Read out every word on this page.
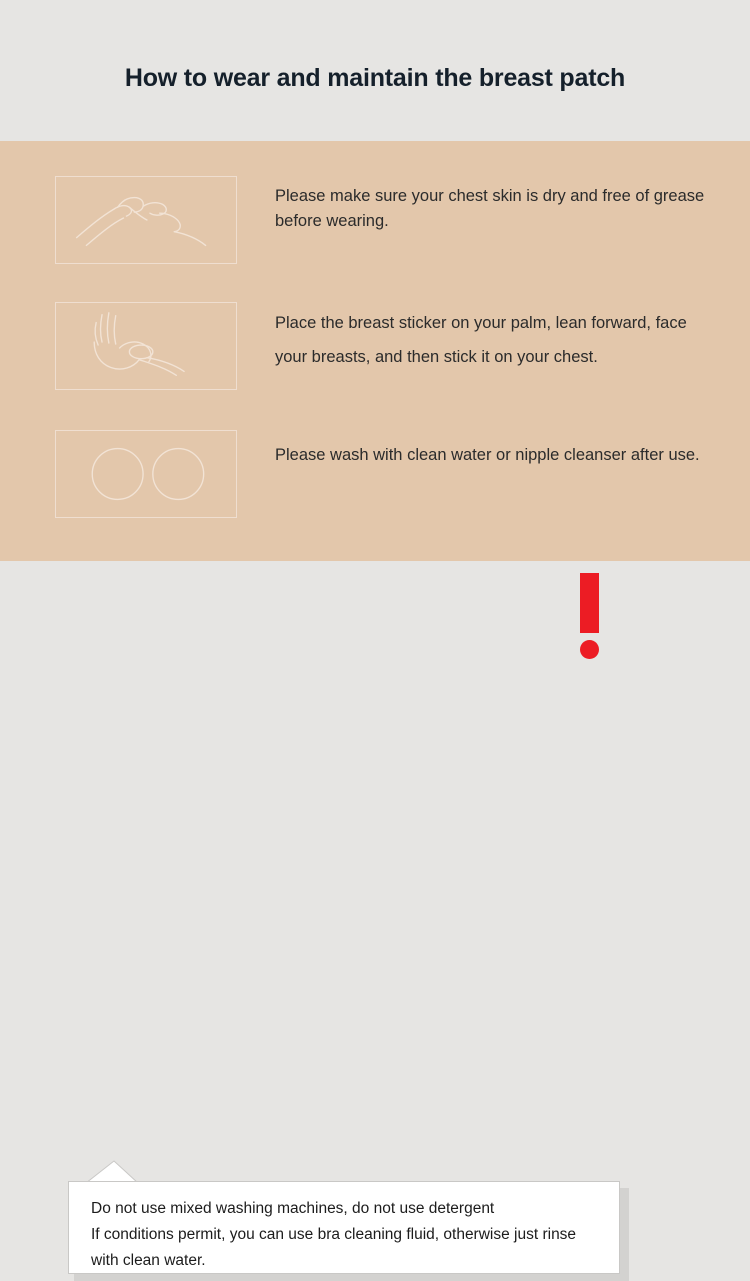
How to wear and maintain the breast patch
Please make sure your chest skin is dry and free of grease before wearing.
Place the breast sticker on your palm, lean forward, face your breasts, and then stick it on your chest.
Please wash with clean water or nipple cleanser after use.
Do not use mixed washing machines, do not use detergent
If conditions permit, you can use bra cleaning fluid, otherwise just rinse with clean water.
